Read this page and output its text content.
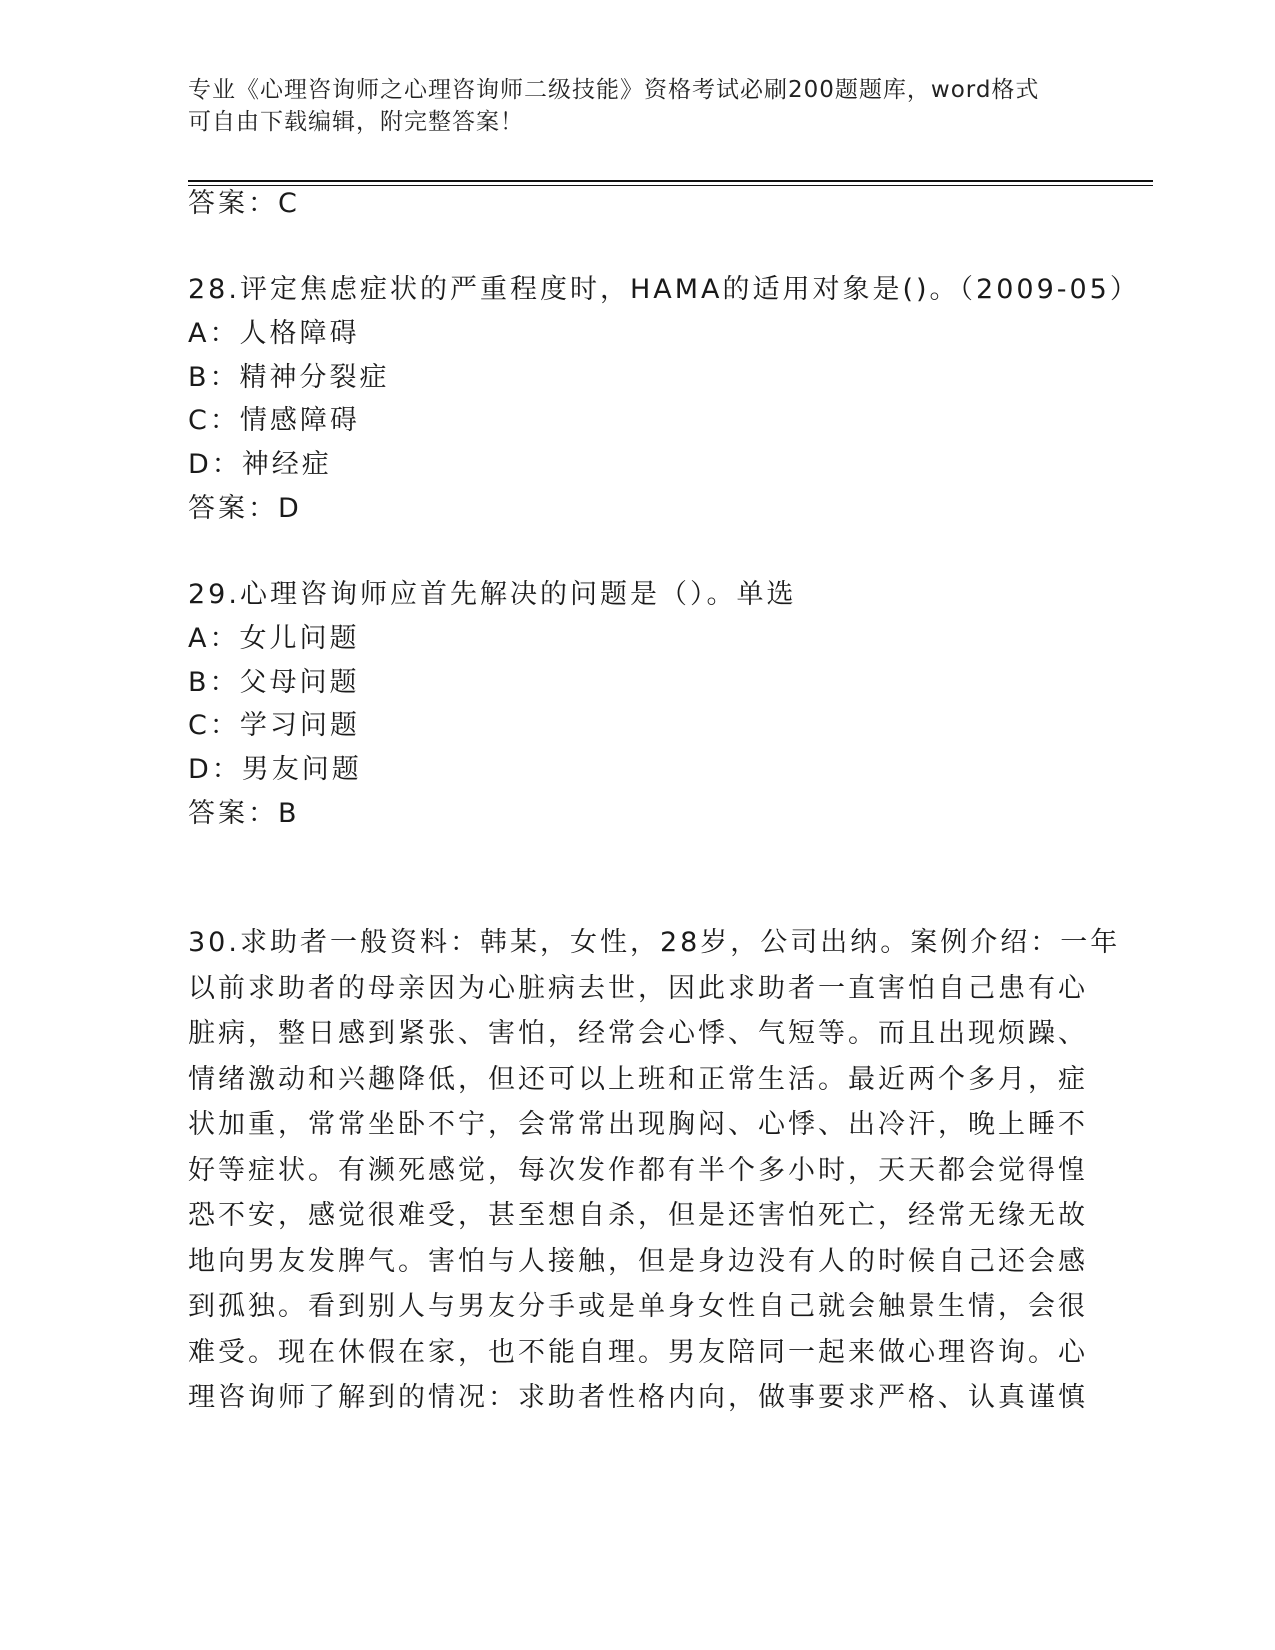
专业《心理咨询师之心理咨询师二级技能》资格考试必刷200题题库，word格式
可自由下载编辑，附完整答案！
答案：C
28.评定焦虑症状的严重程度时，HAMA的适用对象是()。（2009-05）
A：人格障碍
B：精神分裂症
C：情感障碍
D：神经症
答案：D
29.心理咨询师应首先解决的问题是（）。单选
A：女儿问题
B：父母问题
C：学习问题
D：男友问题
答案：B
30.求助者一般资料：韩某，女性，28岁，公司出纳。案例介绍：一年
以前求助者的母亲因为心脏病去世，因此求助者一直害怕自己患有心
脏病，整日感到紧张、害怕，经常会心悸、气短等。而且出现烦躁、
情绪激动和兴趣降低，但还可以上班和正常生活。最近两个多月，症
状加重，常常坐卧不宁，会常常出现胸闷、心悸、出冷汗，晚上睡不
好等症状。有濒死感觉，每次发作都有半个多小时，天天都会觉得惶
恐不安，感觉很难受，甚至想自杀，但是还害怕死亡，经常无缘无故
地向男友发脾气。害怕与人接触，但是身边没有人的时候自己还会感
到孤独。看到别人与男友分手或是单身女性自己就会触景生情，会很
难受。现在休假在家，也不能自理。男友陪同一起来做心理咨询。心
理咨询师了解到的情况：求助者性格内向，做事要求严格、认真谨慎
